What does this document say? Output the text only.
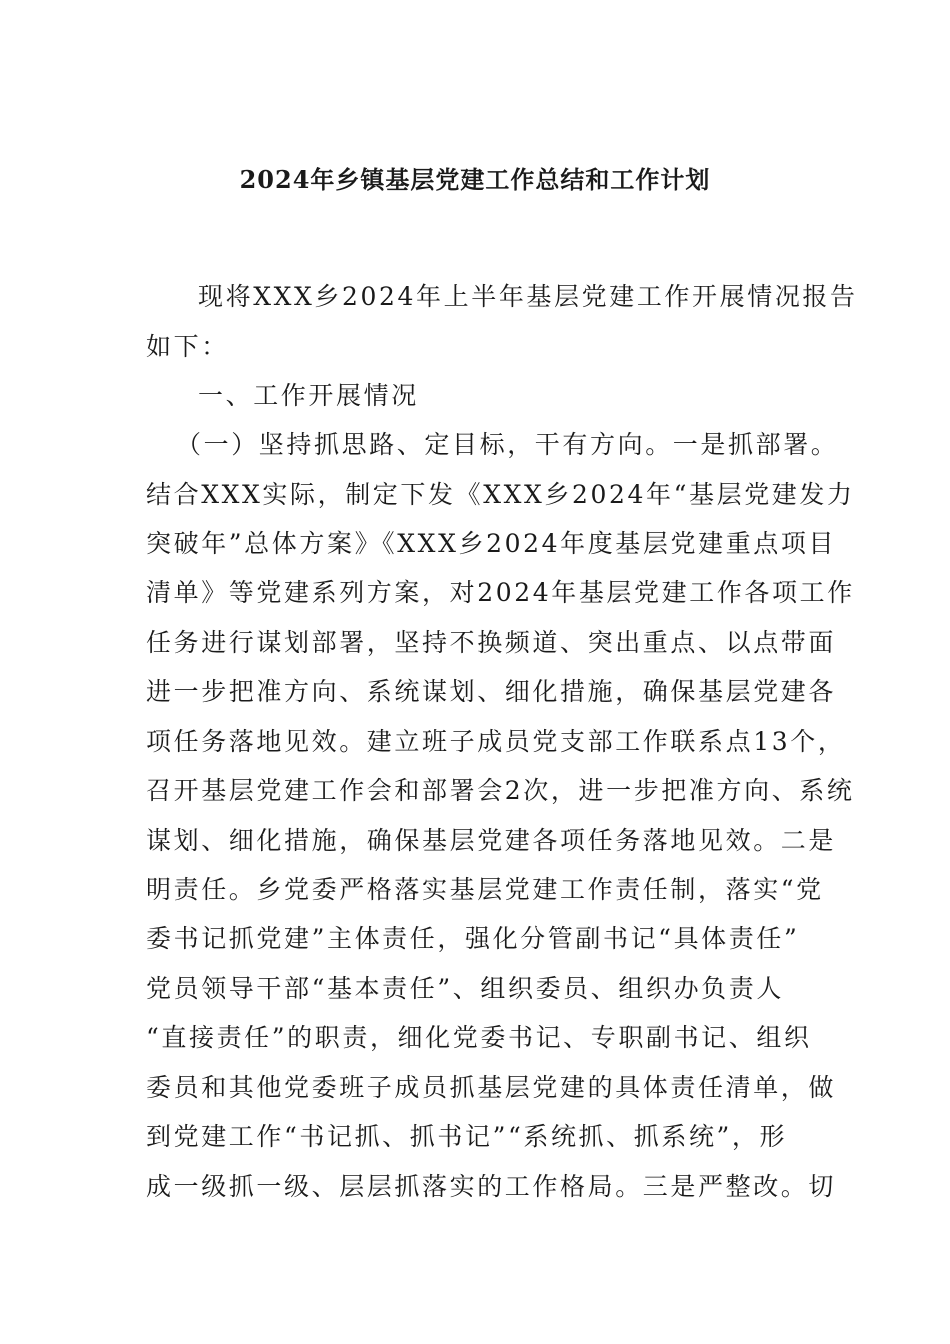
2024年乡镇基层党建工作总结和工作计划
现将XXX乡2024年上半年基层党建工作开展情况报告
如下：
一、工作开展情况
（一）坚持抓思路、定目标，干有方向。一是抓部署。
结合XXX实际，制定下发《XXX乡2024年“基层党建发力
突破年”总体方案》《XXX乡2024年度基层党建重点项目
清单》等党建系列方案，对2024年基层党建工作各项工作
任务进行谋划部署，坚持不换频道、突出重点、以点带面
进一步把准方向、系统谋划、细化措施，确保基层党建各
项任务落地见效。建立班子成员党支部工作联系点13个，
召开基层党建工作会和部署会2次，进一步把准方向、系统
谋划、细化措施，确保基层党建各项任务落地见效。二是
明责任。乡党委严格落实基层党建工作责任制，落实“党
委书记抓党建”主体责任，强化分管副书记“具体责任”
党员领导干部“基本责任”、组织委员、组织办负责人
“直接责任”的职责，细化党委书记、专职副书记、组织
委员和其他党委班子成员抓基层党建的具体责任清单，做
到党建工作“书记抓、抓书记”“系统抓、抓系统”，形
成一级抓一级、层层抓落实的工作格局。三是严整改。切
